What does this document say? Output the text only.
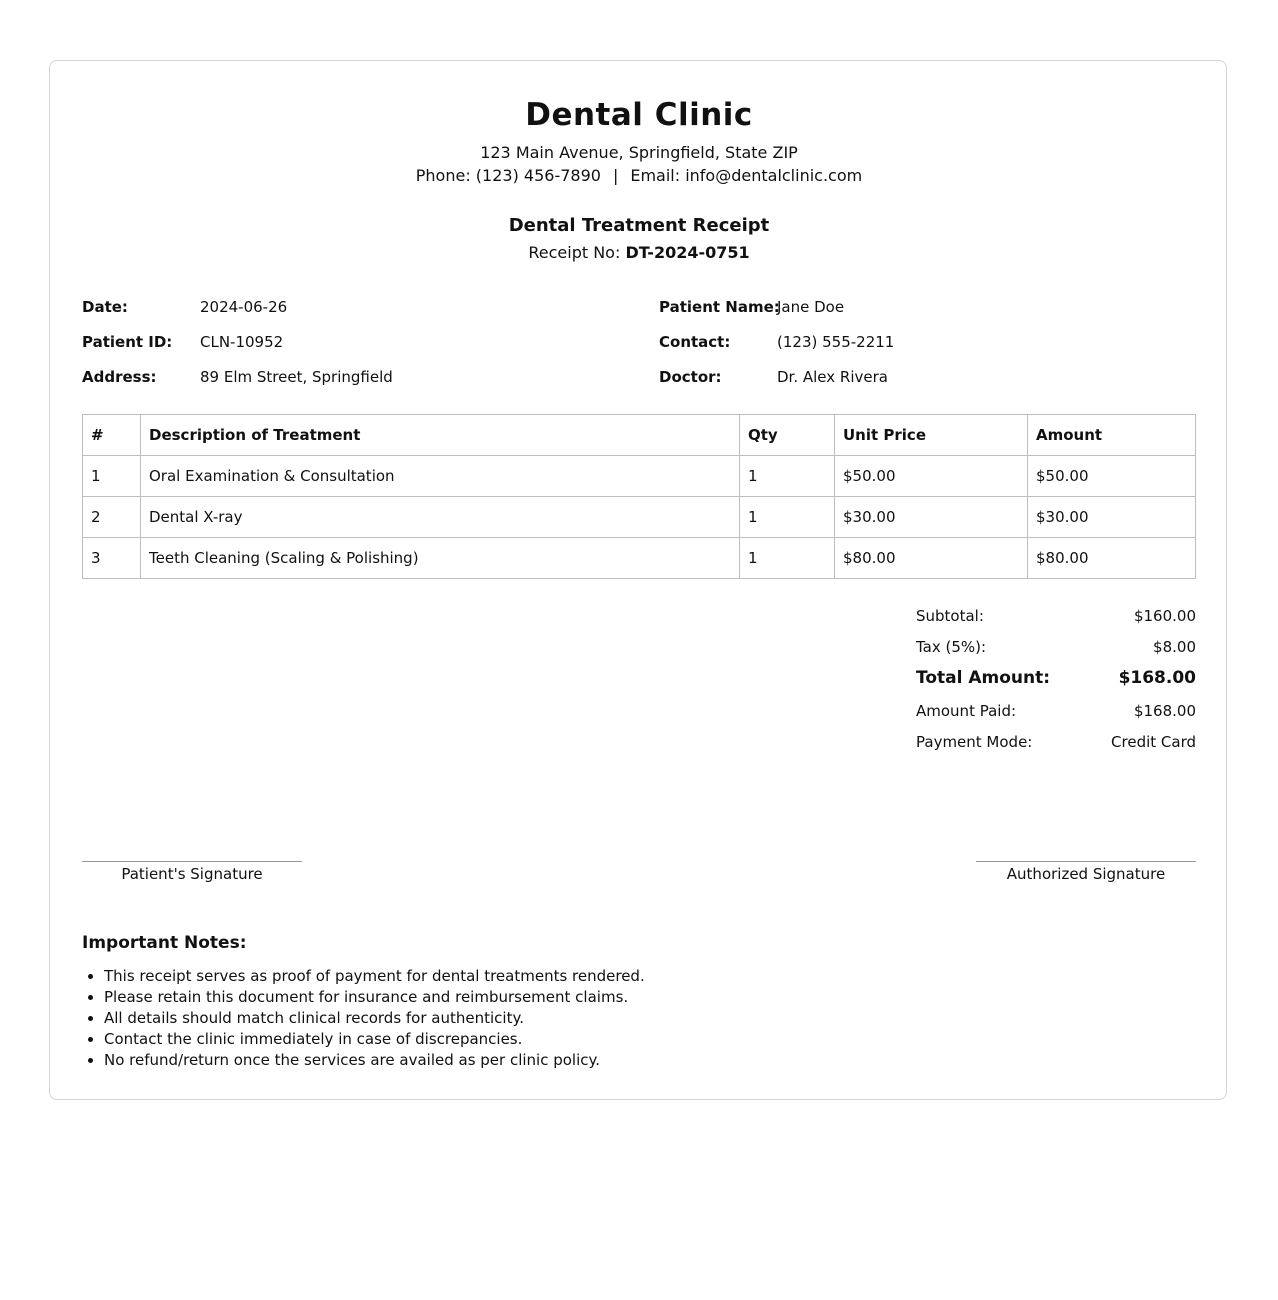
Dental Clinic
123 Main Avenue, Springfield, State ZIP
Phone: (123) 456-7890 | Email: info@dentalclinic.com
Dental Treatment Receipt
Receipt No: DT-2024-0751
Date:	2024-06-26
Patient ID: CLN-10952
Address:	89 Elm Street, Springfield
Patient Name:
Jane Doe
Contact:	(123) 555-2211
Doctor:	Dr. Alex Rivera
#	Description of Treatment	Qty	Unit Price	Amount
1	Oral Examination & Consultation	1	$50.00	$50.00
2	Dental X-ray	1	$30.00	$30.00
3	Teeth Cleaning (Scaling & Polishing)	1	$80.00	$80.00
Subtotal:	$160.00
Tax (5%):	$8.00
Total Amount:	$168.00
Amount Paid:	$168.00
Payment Mode:	Credit Card
Patient's Signature	Authorized Signature
Important Notes:
• This receipt serves as proof of payment for dental treatments rendered.
• Please retain this document for insurance and reimbursement claims.
• All details should match clinical records for authenticity.
• Contact the clinic immediately in case of discrepancies.
• No refund/return once the services are availed as per clinic policy.
